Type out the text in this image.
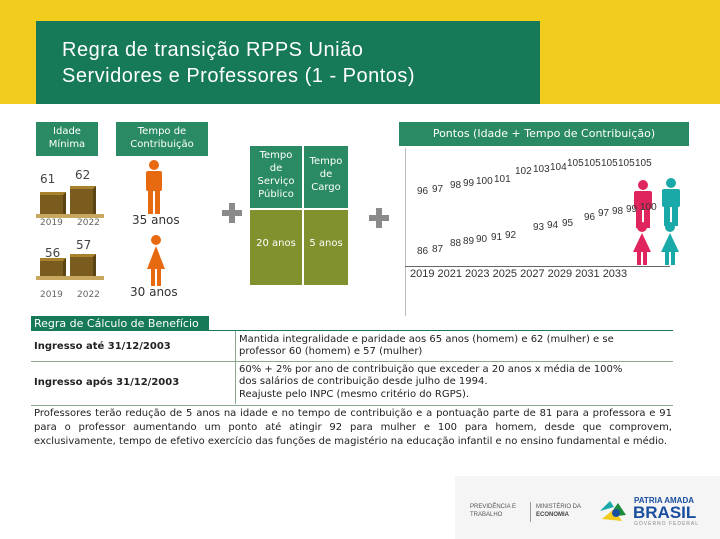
Regra de transição RPPS União
Servidores e Professores (1 - Pontos)
Idade
Mínima
Tempo de
Contribuição
61 62
2019 2022	35 anos
56
57
2019 2022	30 anos
Tempo
de
Serviço
Público
Tempo
de
Cargo
20 anos	5 anos
Pontos (Idade + Tempo de Contribuição)
96 97 98 99 100 101
102 103 104 105 105 105 105 105
86 87
88 89 90 91 92
93 94 95
96 97 98 99 100
2019 2021 2023 2025 2027 2029 2031 2033
Regra de Cálculo de Benefício
Ingresso até 31/12/2003
Mantida integralidade e paridade aos 65 anos (homem) e 62 (mulher) e se professor 60 (homem) e 57 (mulher)
Ingresso após 31/12/2003
60% + 2% por ano de contribuição que exceder a 20 anos x média de 100% dos salários de contribuição desde julho de 1994.
Reajuste pelo INPC (mesmo critério do RGPS).
Professores terão redução de 5 anos na idade e no tempo de contribuição e a pontuação parte de 81 para a professora e 91 para o professor aumentando um ponto até atingir 92 para mulher e 100 para homem, desde que comprovem, exclusivamente, tempo de efetivo exercício das funções de magistério na educação infantil e no ensino fundamental e médio.
PREVIDÊNCIA E
TRABALHO
MINISTÉRIO DA
ECONOMIA
PATRIA AMADA
BRASIL
GOVERNO FEDERAL
